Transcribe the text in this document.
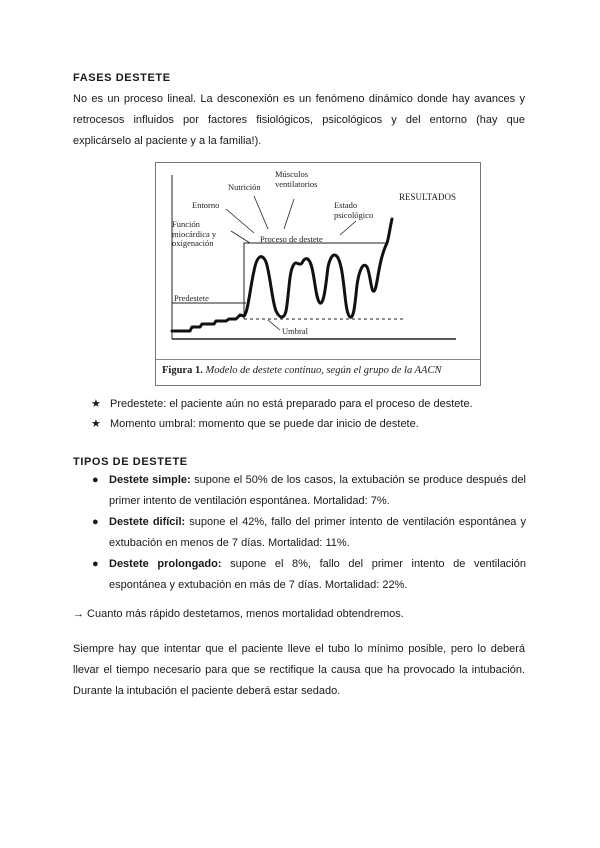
FASES DESTETE
No es un proceso lineal. La desconexión es un fenómeno dinámico donde hay avances y
retrocesos influidos por factores fisiológicos, psicológicos y del entorno (hay que
explicárselo al paciente y a la familia!).
Músculos
ventilatorios
Nutrición
Entorno	Estado
psicológico
RESULTADOS
Función
miocárdica y
oxigenación	Proceso de destete
Predestete
Umbral
Figura 1. Modelo de destete continuo, según el grupo de la AACN
★ Predestete: el paciente aún no está preparado para el proceso de destete.
★ Momento umbral: momento que se puede dar inicio de destete.
TIPOS DE DESTETE
● Destete simple: supone el 50% de los casos, la extubación se produce después del
primer intento de ventilación espontánea. Mortalidad: 7%.
● Destete difícil: supone el 42%, fallo del primer intento de ventilación espontánea y
extubación en menos de 7 días. Mortalidad: 11%.
● Destete prolongado: supone el 8%, fallo del primer intento de ventilación
espontánea y extubación en más de 7 días. Mortalidad: 22%.
→ Cuanto más rápido destetamos, menos mortalidad obtendremos.
Siempre hay que intentar que el paciente lleve el tubo lo mínimo posible, pero lo deberá
llevar el tiempo necesario para que se rectifique la causa que ha provocado la intubación.
Durante la intubación el paciente deberá estar sedado.
